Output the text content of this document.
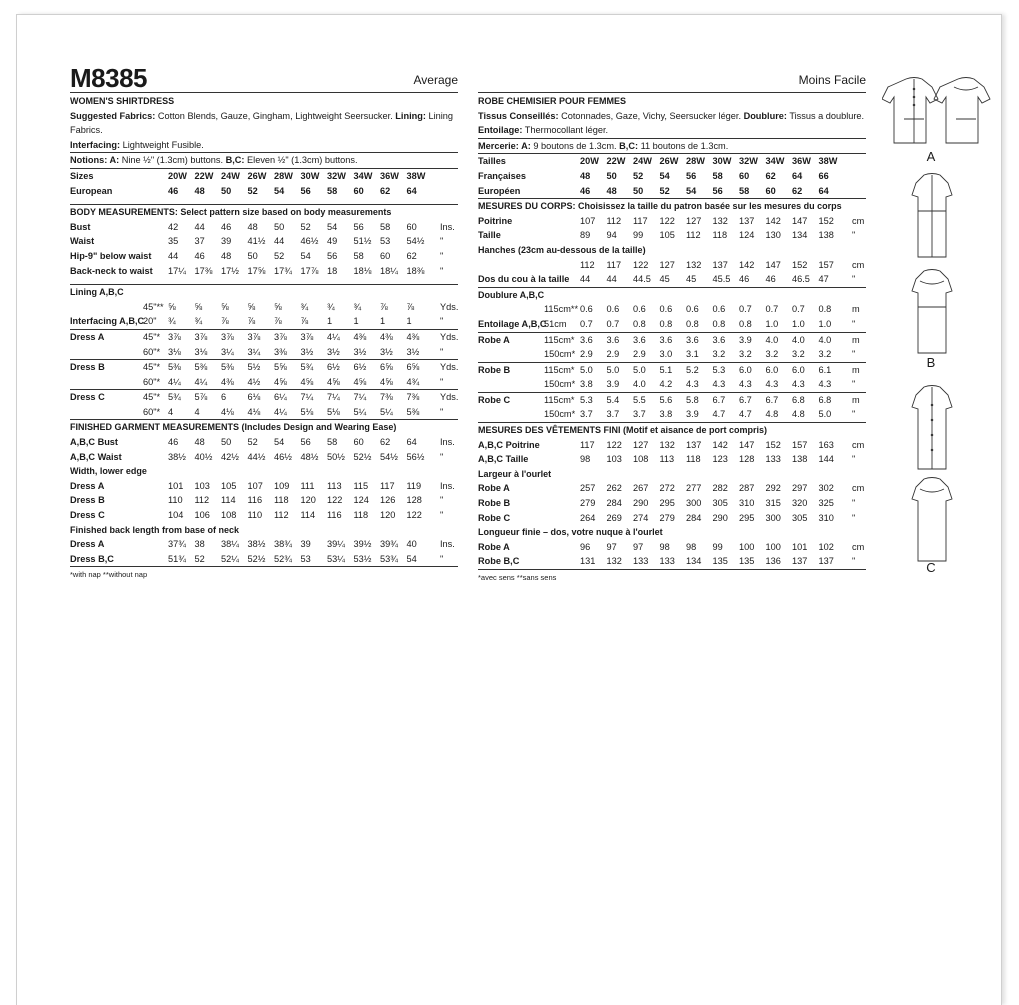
M8385	Average
WOMEN'S SHIRTDRESS
Suggested Fabrics: Cotton Blends, Gauze, Gingham, Lightweight Seersucker. Lining: Lining Fabrics.
Interfacing: Lightweight Fusible.
Notions: A: Nine ½" (1.3cm) buttons. B,C: Eleven ½" (1.3cm) buttons.
Sizes	20W 22W 24W 26W 28W 30W 32W 34W 36W 38W
European	46	48	50	52	54	56	58	60	62	64
BODY MEASUREMENTS: Select pattern size based on body measurements
Bust	42	44	46	48	50	52	54	56	58	60	Ins.
Waist	35	37	39	41½ 44	46½ 49	51½ 53	54½	"
Hip-9" below waist 44	46	48	50	52	54	56	58	60	62	"
Back-neck to waist 17¼ 17⅜ 17½ 17⅝ 17¾ 17⅞ 18	18⅛ 18¼ 18⅜	"
Lining A,B,C
45"** ⅝	⅝	⅝	⅝	⅝	¾	¾	¾	⅞	⅞	Yds.
Interfacing A,B,C
20" ¾	¾	⅞	⅞	⅞	⅞	1	1	1	1	"
Dress A	45"* 3⅞	3⅞	3⅞	3⅞	3⅞	3⅞	4¼	4⅜	4⅜	4⅜	Yds.
60"* 3⅛	3⅛	3¼	3¼	3⅜	3½	3½	3½	3½	3½	"
Dress B	45"* 5⅜	5⅜	5⅜	5½	5⅝	5¾	6½	6½	6⅝	6⅝	Yds.
60"* 4¼	4¼	4⅜	4½	4⅝	4⅝	4⅝	4⅝	4⅝	4¾	"
Dress C	45"* 5¾	5⅞	6	6⅛	6¼	7¼	7¼	7¼	7⅜	7⅜	Yds.
60"* 4	4	4⅛	4⅛	4¼	5⅛	5⅛	5¼	5¼	5⅜	"
FINISHED GARMENT MEASUREMENTS (Includes Design and Wearing Ease)
A,B,C Bust	46	48	50	52	54	56	58	60	62	64	Ins.
A,B,C Waist	38½ 40½ 42½ 44½ 46½ 48½ 50½ 52½ 54½ 56½	"
Width, lower edge
Dress A	101	103	105	107	109	111	113	115	117	119	Ins.
Dress B	110	112	114	116	118	120	122	124	126	128	"
Dress C	104	106	108	110	112	114	116	118	120	122	"
Finished back length from base of neck
Dress A	37¾ 38	38¼ 38½ 38¾ 39	39¼ 39½ 39¾ 40	Ins.
Dress B,C	51¾ 52	52¼ 52½ 52¾ 53	53¼ 53½ 53¾ 54	"
*with nap **without nap
Moins Facile
ROBE CHEMISIER POUR FEMMES
Tissus Conseillés: Cotonnades, Gaze, Vichy, Seersucker léger. Doublure: Tissus a doublure. Entoilage: Thermocollant léger.
Mercerie: A: 9 boutons de 1.3cm. B,C: 11 boutons de 1.3cm.
Tailles	20W 22W 24W 26W 28W 30W 32W 34W 36W 38W
Françaises	48	50	52	54	56	58	60	62	64	66
Européen	46	48	50	52	54	56	58	60	62	64
MESURES DU CORPS: Choisissez la taille du patron basée sur les mesures du corps
Poitrine	107	112	117	122	127	132	137	142	147	152	cm
Taille	89	94	99	105	112	118	124	130	134	138	"
Hanches (23cm au-dessous de la taille)
112	117	122	127	132	137	142	147	152	157	cm
Dos du cou à la taille 44	44	44.5 45	45	45.5 46	46	46.5 47	"
Doublure A,B,C
115cm** 0.6	0.6	0.6	0.6	0.6	0.6	0.7	0.7	0.7	0.8	m
Entoilage A,B,C
51cm 0.7	0.7	0.8	0.8	0.8	0.8	0.8	1.0	1.0	1.0	"
Robe A	115cm* 3.6	3.6	3.6	3.6	3.6	3.6	3.9	4.0	4.0	4.0	m
150cm* 2.9	2.9	2.9	3.0	3.1	3.2	3.2	3.2	3.2	3.2	"
Robe B	115cm* 5.0	5.0	5.0	5.1	5.2	5.3	6.0	6.0	6.0	6.1	m
150cm* 3.8	3.9	4.0	4.2	4.3	4.3	4.3	4.3	4.3	4.3	"
Robe C	115cm* 5.3	5.4	5.5	5.6	5.8	6.7	6.7	6.7	6.8	6.8	m
150cm* 3.7	3.7	3.7	3.8	3.9	4.7	4.7	4.8	4.8	5.0	"
MESURES DES VÊTEMENTS FINI (Motif et aisance de port compris)
A,B,C Poitrine	117	122	127	132	137	142	147	152	157	163	cm
A,B,C Taille	98	103	108	113	118	123	128	133	138	144	"
Largeur à l'ourlet
Robe A	257	262	267	272	277	282	287	292	297	302	cm
Robe B	279	284	290	295	300	305	310	315	320	325	"
Robe C	264	269	274	279	284	290	295	300	305	310	"
Longueur finie – dos, votre nuque à l'ourlet
Robe A	96	97	97	98	98	99	100	100	101	102	cm
Robe B,C	131	132	133	133	134	135	135	136	137	137	"
*avec sens **sans sens
A
B
C
